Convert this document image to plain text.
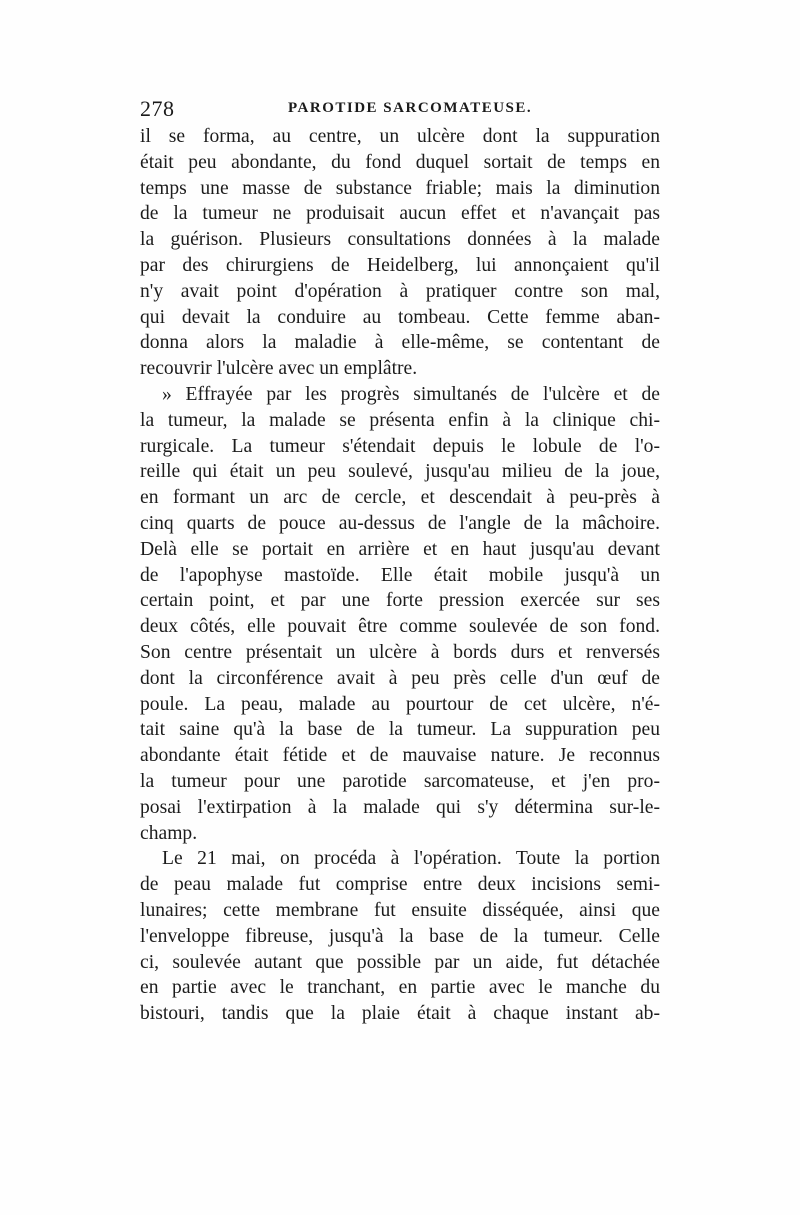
278	PAROTIDE SARCOMATEUSE.
il se forma, au centre, un ulcère dont la suppuration
était peu abondante, du fond duquel sortait de temps en
temps une masse de substance friable; mais la diminution
de la tumeur ne produisait aucun effet et n'avançait pas
la guérison. Plusieurs consultations données à la malade
par des chirurgiens de Heidelberg, lui annonçaient qu'il
n'y avait point d'opération à pratiquer contre son mal,
qui devait la conduire au tombeau. Cette femme aban-
donna alors la maladie à elle-même, se contentant de
recouvrir l'ulcère avec un emplâtre.
» Effrayée par les progrès simultanés de l'ulcère et de
la tumeur, la malade se présenta enfin à la clinique chi-
rurgicale. La tumeur s'étendait depuis le lobule de l'o-
reille qui était un peu soulevé, jusqu'au milieu de la joue,
en formant un arc de cercle, et descendait à peu-près à
cinq quarts de pouce au-dessus de l'angle de la mâchoire.
Delà elle se portait en arrière et en haut jusqu'au devant
de l'apophyse mastoïde. Elle était mobile jusqu'à un
certain point, et par une forte pression exercée sur ses
deux côtés, elle pouvait être comme soulevée de son fond.
Son centre présentait un ulcère à bords durs et renversés
dont la circonférence avait à peu près celle d'un œuf de
poule. La peau, malade au pourtour de cet ulcère, n'é-
tait saine qu'à la base de la tumeur. La suppuration peu
abondante était fétide et de mauvaise nature. Je reconnus
la tumeur pour une parotide sarcomateuse, et j'en pro-
posai l'extirpation à la malade qui s'y détermina sur-le-
champ.
Le 21 mai, on procéda à l'opération. Toute la portion
de peau malade fut comprise entre deux incisions semi-
lunaires; cette membrane fut ensuite disséquée, ainsi que
l'enveloppe fibreuse, jusqu'à la base de la tumeur. Celle
ci, soulevée autant que possible par un aide, fut détachée
en partie avec le tranchant, en partie avec le manche du
bistouri, tandis que la plaie était à chaque instant ab-
